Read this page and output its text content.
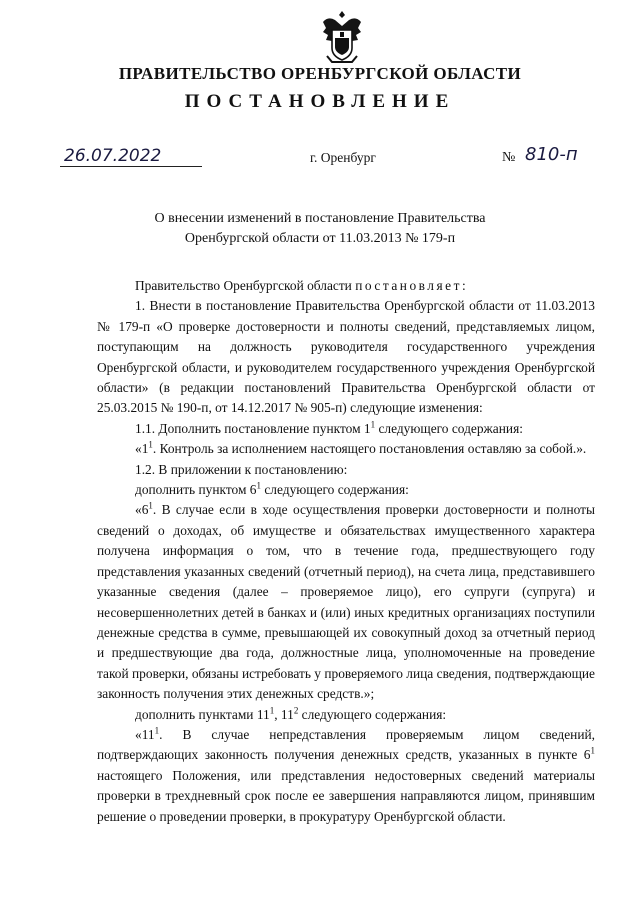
ПРАВИТЕЛЬСТВО ОРЕНБУРГСКОЙ ОБЛАСТИ
ПОСТАНОВЛЕНИЕ
26.07.2022	г. Оренбург	№ 810-п
О внесении изменений в постановление Правительства
Оренбургской области от 11.03.2013 № 179-п

Правительство Оренбургской области постановляет:

1. Внести в постановление Правительства Оренбургской области от 11.03.2013 № 179-п «О проверке достоверности и полноты сведений, представляемых лицом, поступающим на должность руководителя государственного учреждения Оренбургской области, и руководителем государственного учреждения Оренбургской области» (в редакции постановлений Правительства Оренбургской области от 25.03.2015 № 190-п, от 14.12.2017 № 905-п) следующие изменения:

1.1. Дополнить постановление пунктом $1^1$ следующего содержания:

«$1^1$. Контроль за исполнением настоящего постановления оставляю за собой.».

1.2. В приложении к постановлению:

дополнить пунктом $6^1$ следующего содержания:

«$6^1$. В случае если в ходе осуществления проверки достоверности и полноты сведений о доходах, об имуществе и обязательствах имущественного характера получена информация о том, что в течение года, предшествующего году представления указанных сведений (отчетный период), на счета лица, представившего указанные сведения (далее – проверяемое лицо), его супруги (супруга) и несовершеннолетних детей в банках и (или) иных кредитных организациях поступили денежные средства в сумме, превышающей их совокупный доход за отчетный период и предшествующие два года, должностные лица, уполномоченные на проведение такой проверки, обязаны истребовать у проверяемого лица сведения, подтверждающие законность получения этих денежных средств.»;

дополнить пунктами $11^1$, $11^2$ следующего содержания:

«$11^1$. В случае непредставления проверяемым лицом сведений, подтверждающих законность получения денежных средств, указанных в пункте $6^1$ настоящего Положения, или представления недостоверных сведений материалы проверки в трехдневный срок после ее завершения направляются лицом, принявшим решение о проведении проверки, в прокуратуру Оренбургской области.
